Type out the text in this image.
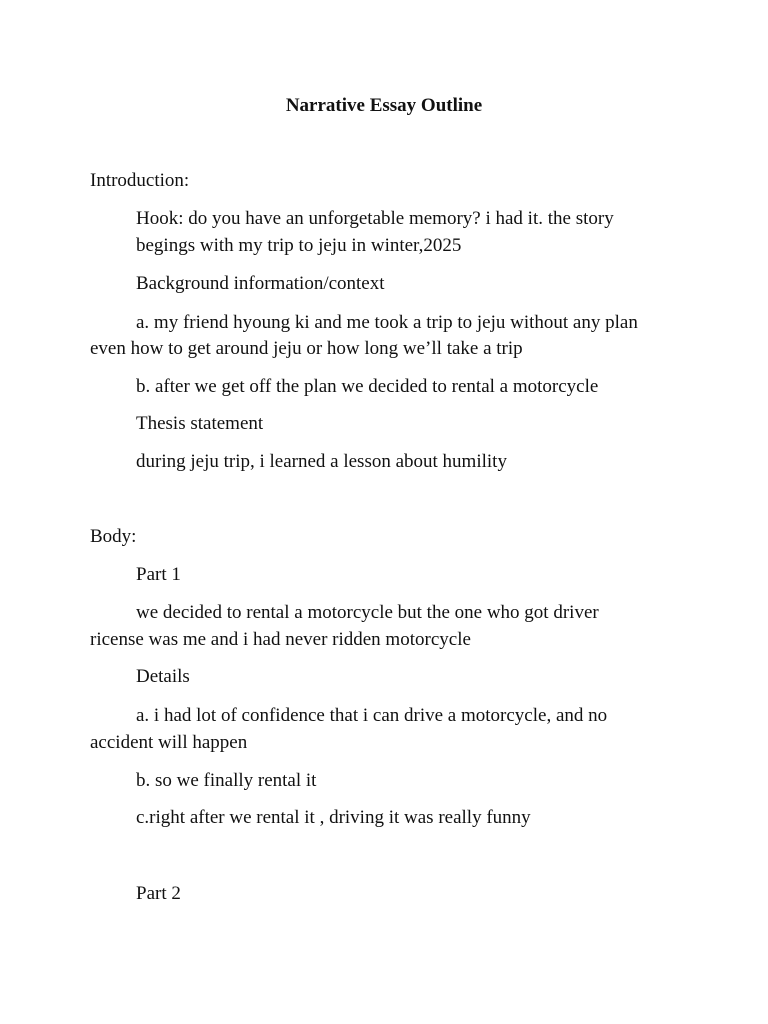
Narrative Essay Outline

Introduction:

Hook: do you have an unforgetable memory? i had it. the story

begings with my trip to jeju in winter,2025

Background information/context

a. my friend hyoung ki and me took a trip to jeju without any plan

even how to get around jeju or how long we’ll take a trip

b. after we get off the plan we decided to rental a motorcycle

Thesis statement

during jeju trip, i learned a lesson about humility

Body:

Part 1

we decided to rental a motorcycle but the one who got driver

ricense was me and i had never ridden motorcycle

Details

a. i had lot of confidence that i can drive a motorcycle, and no

accident will happen

b. so we finally rental it

c.right after we rental it , driving it was really funny

Part 2
